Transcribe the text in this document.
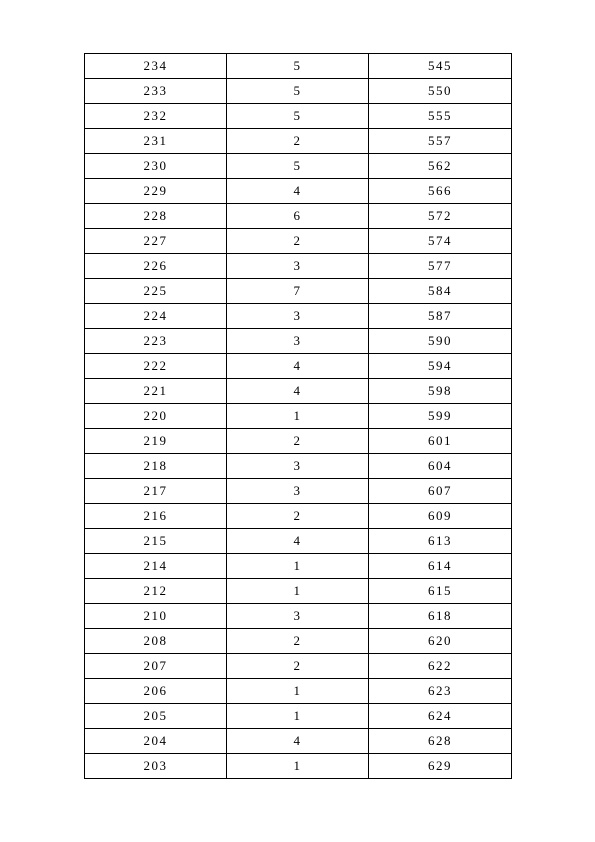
234	5	545
233	5	550
232	5	555
231	2	557
230	5	562
229	4	566
228	6	572
227	2	574
226	3	577
225	7	584
224	3	587
223	3	590
222	4	594
221	4	598
220	1	599
219	2	601
218	3	604
217	3	607
216	2	609
215	4	613
214	1	614
212	1	615
210	3	618
208	2	620
207	2	622
206	1	623
205	1	624
204	4	628
203	1	629
